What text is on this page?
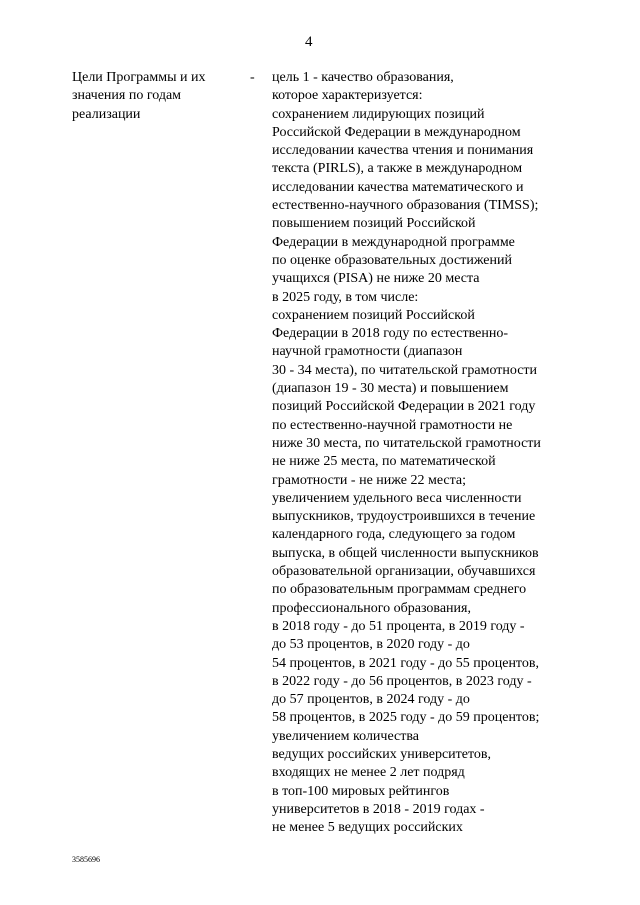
4
Цели Программы и их
значения по годам
реализации
- цель 1 - качество образования,
которое характеризуется:
сохранением лидирующих позиций
Российской Федерации в международном
исследовании качества чтения и понимания
текста (PIRLS), а также в международном
исследовании качества математического и
естественно-научного образования (TIMSS);
повышением позиций Российской
Федерации в международной программе
по оценке образовательных достижений
учащихся (PISA) не ниже 20 места
в 2025 году, в том числе:
сохранением позиций Российской
Федерации в 2018 году по естественно-
научной грамотности (диапазон
30 - 34 места), по читательской грамотности
(диапазон 19 - 30 места) и повышением
позиций Российской Федерации в 2021 году
по естественно-научной грамотности не
ниже 30 места, по читательской грамотности
не ниже 25 места, по математической
грамотности - не ниже 22 места;
увеличением удельного веса численности
выпускников, трудоустроившихся в течение
календарного года, следующего за годом
выпуска, в общей численности выпускников
образовательной организации, обучавшихся
по образовательным программам среднего
профессионального образования,
в 2018 году - до 51 процента, в 2019 году -
до 53 процентов, в 2020 году - до
54 процентов, в 2021 году - до 55 процентов,
в 2022 году - до 56 процентов, в 2023 году -
до 57 процентов, в 2024 году - до
58 процентов, в 2025 году - до 59 процентов;
увеличением количества
ведущих российских университетов,
входящих не менее 2 лет подряд
в топ-100 мировых рейтингов
университетов в 2018 - 2019 годах -
не менее 5 ведущих российских
3585696
